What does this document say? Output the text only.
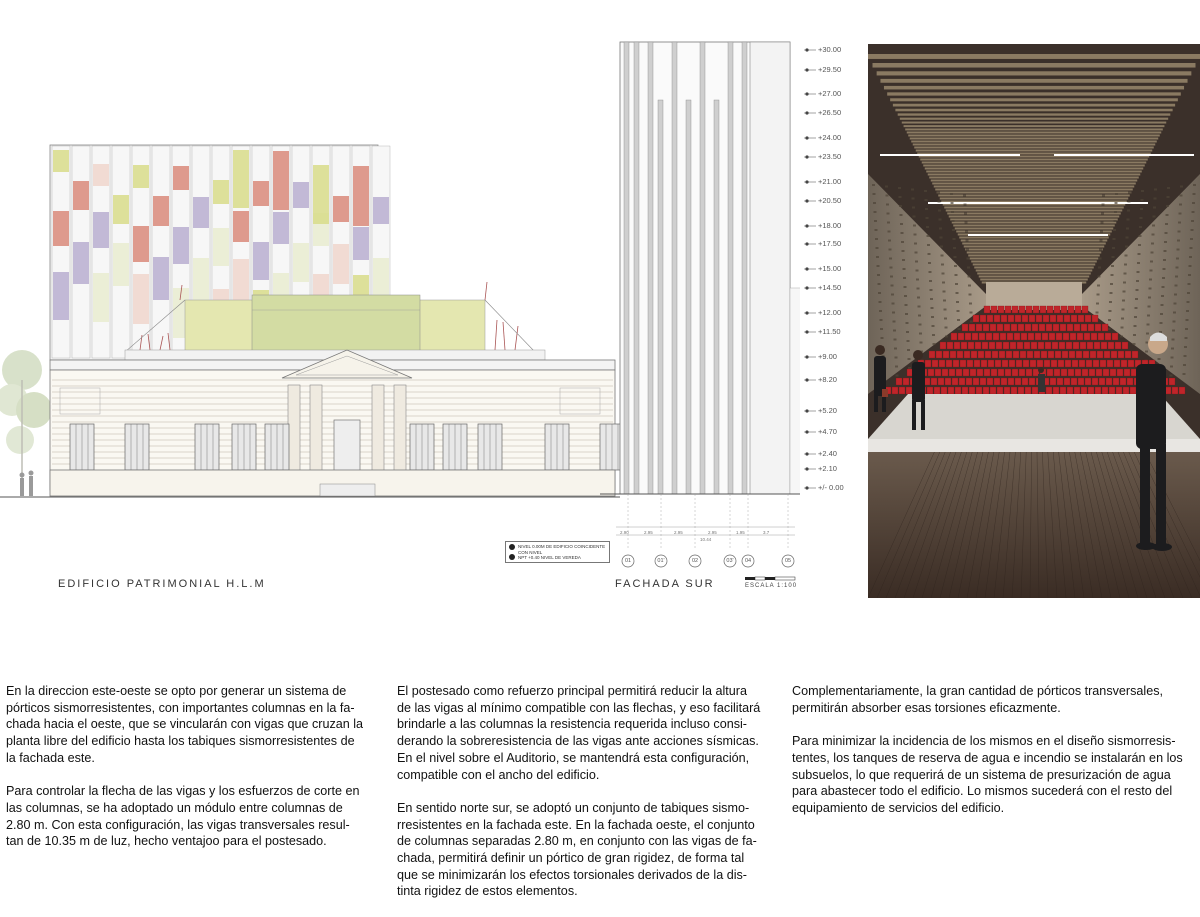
+30.00
+29.50
+27.00
+26.50
+24.00
+23.50
+21.00
+20.50
+18.00
+17.50
+15.00
+14.50
+12.00
+11.50
+9.00
+8.20
+5.20
+4.70
+2.40
+2.10
+/- 0.00
2.90	2.95	2.95	2.95	1.95	3.7
10.44
01	01'	02	03'	04	05
NIVEL 0.00M DE EDIFICIO COINCIDENTE CON NIVEL
NPT +0.40 NIVEL DE VEREDA
ESCALA 1:100
EDIFICIO PATRIMONIAL H.L.M	FACHADA SUR

En la direccion este-oeste se opto por generar un sistema de
pórticos sismorresistentes, con importantes columnas en la fa-
chada hacia el oeste, que se vincularán con vigas que cruzan la
planta libre del edificio hasta los tabiques sismorresistentes de
la fachada este.

Para controlar la flecha de las vigas y los esfuerzos de corte en
las columnas, se ha adoptado un módulo entre columnas de
2.80 m. Con esta configuración, las vigas transversales resul-
tan de 10.35 m de luz, hecho ventajoo para el postesado.

El postesado como refuerzo principal permitirá reducir la altura
de las vigas al mínimo compatible con las flechas, y eso facilitará
brindarle a las columnas la resistencia requerida incluso consi-
derando la sobreresistencia de las vigas ante acciones sísmicas.
En el nivel sobre el Auditorio, se mantendrá esta configuración,
compatible con el ancho del edificio.

En sentido norte sur, se adoptó un conjunto de tabiques sismo-
rresistentes en la fachada este. En la fachada oeste, el conjunto
de columnas separadas 2.80 m, en conjunto con las vigas de fa-
chada, permitirá definir un pórtico de gran rigidez, de forma tal
que se minimizarán los efectos torsionales derivados de la dis-
tinta rigidez de estos elementos.

Complementariamente, la gran cantidad de pórticos transversales,
permitirán absorber esas torsiones eficazmente.

Para minimizar la incidencia de los mismos en el diseño sismorresis-
tentes, los tanques de reserva de agua e incendio se instalarán en los
subsuelos, lo que requerirá de un sistema de presurización de agua
para abastecer todo el edificio. Lo mismos sucederá con el resto del
equipamiento de servicios del edificio.
